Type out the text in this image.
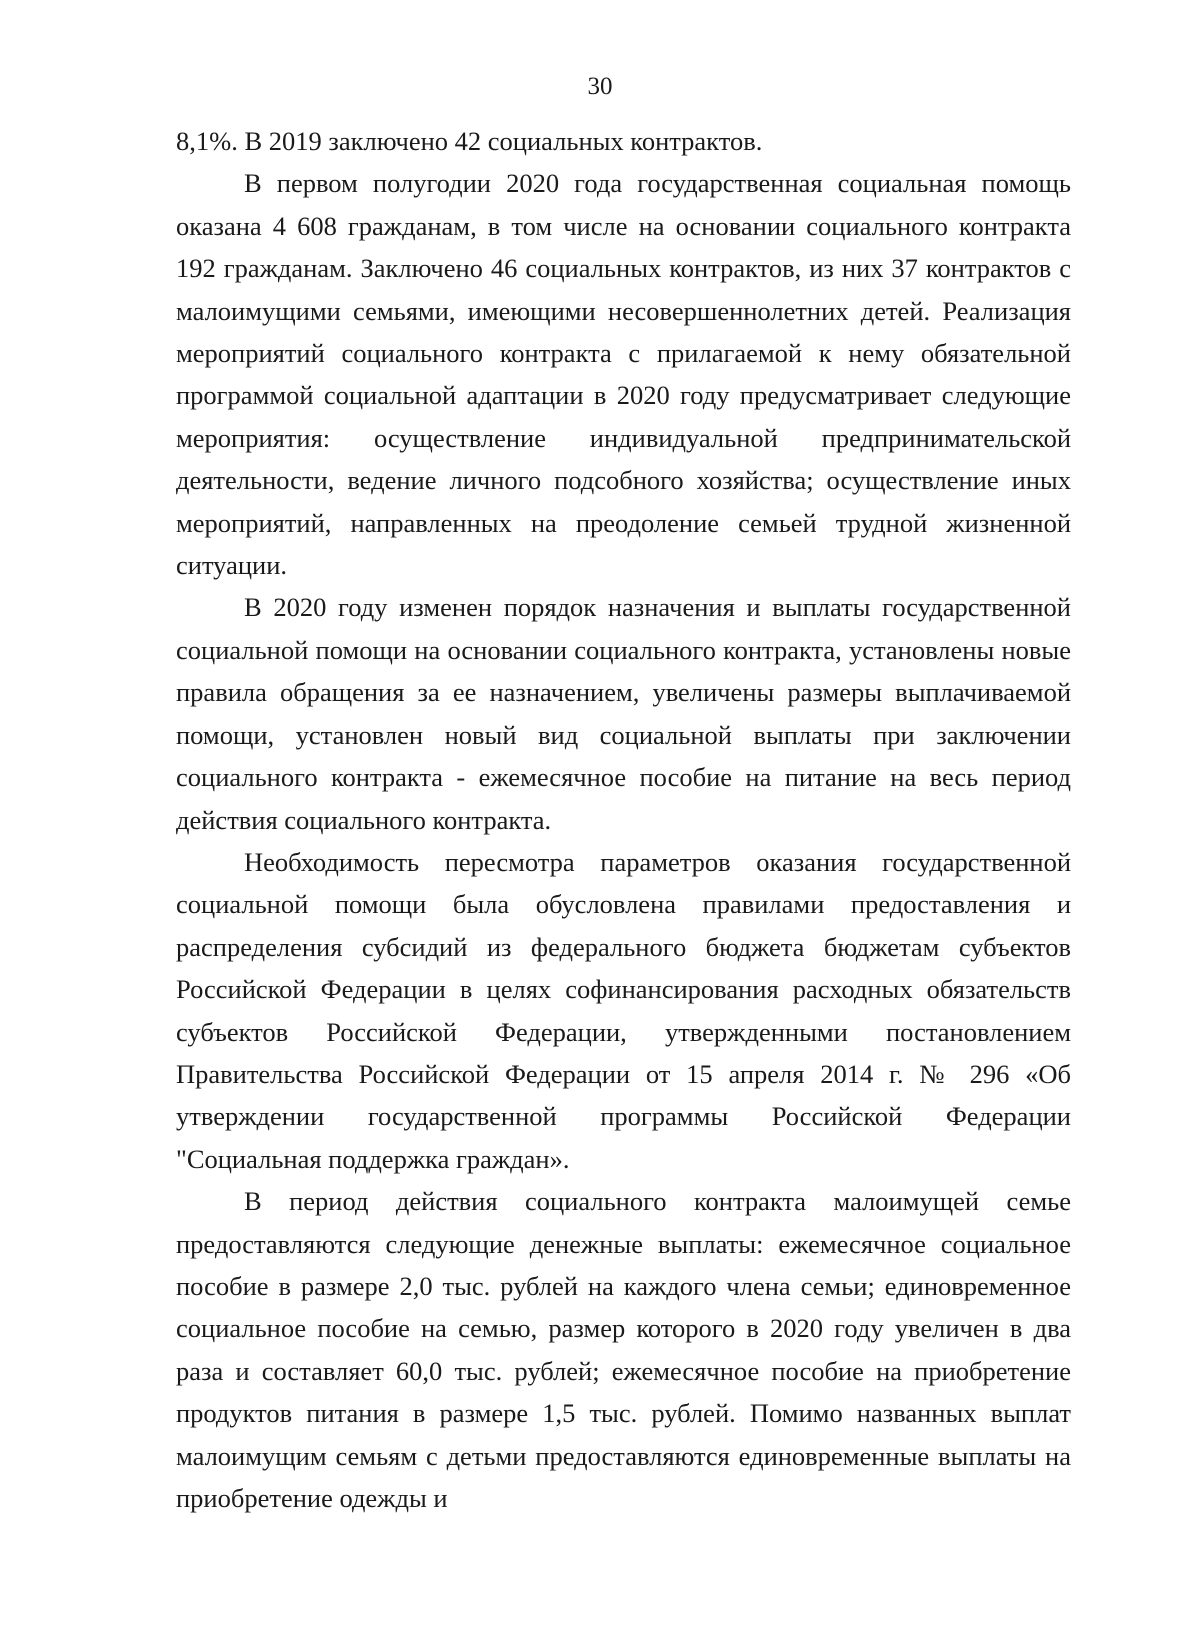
30

8,1%. В 2019 заключено 42 социальных контрактов.

В первом полугодии 2020 года государственная социальная помощь оказана 4 608 гражданам, в том числе на основании социального контракта 192 гражданам. Заключено 46 социальных контрактов, из них 37 контрактов с малоимущими семьями, имеющими несовершеннолетних детей. Реализация мероприятий социального контракта с прилагаемой к нему обязательной программой социальной адаптации в 2020 году предусматривает следующие мероприятия: осуществление индивидуальной предпринимательской деятельности, ведение личного подсобного хозяйства; осуществление иных мероприятий, направленных на преодоление семьей трудной жизненной ситуации.

В 2020 году изменен порядок назначения и выплаты государственной социальной помощи на основании социального контракта, установлены новые правила обращения за ее назначением, увеличены размеры выплачиваемой помощи, установлен новый вид социальной выплаты при заключении социального контракта - ежемесячное пособие на питание на весь период действия социального контракта.

Необходимость пересмотра параметров оказания государственной социальной помощи была обусловлена правилами предоставления и распределения субсидий из федерального бюджета бюджетам субъектов Российской Федерации в целях софинансирования расходных обязательств субъектов Российской Федерации, утвержденными постановлением Правительства Российской Федерации от 15 апреля 2014 г. № 296 «Об утверждении государственной программы Российской Федерации "Социальная поддержка граждан».

В период действия социального контракта малоимущей семье предоставляются следующие денежные выплаты: ежемесячное социальное пособие в размере 2,0 тыс. рублей на каждого члена семьи; единовременное социальное пособие на семью, размер которого в 2020 году увеличен в два раза и составляет 60,0 тыс. рублей; ежемесячное пособие на приобретение продуктов питания в размере 1,5 тыс. рублей. Помимо названных выплат малоимущим семьям с детьми предоставляются единовременные выплаты на приобретение одежды и
